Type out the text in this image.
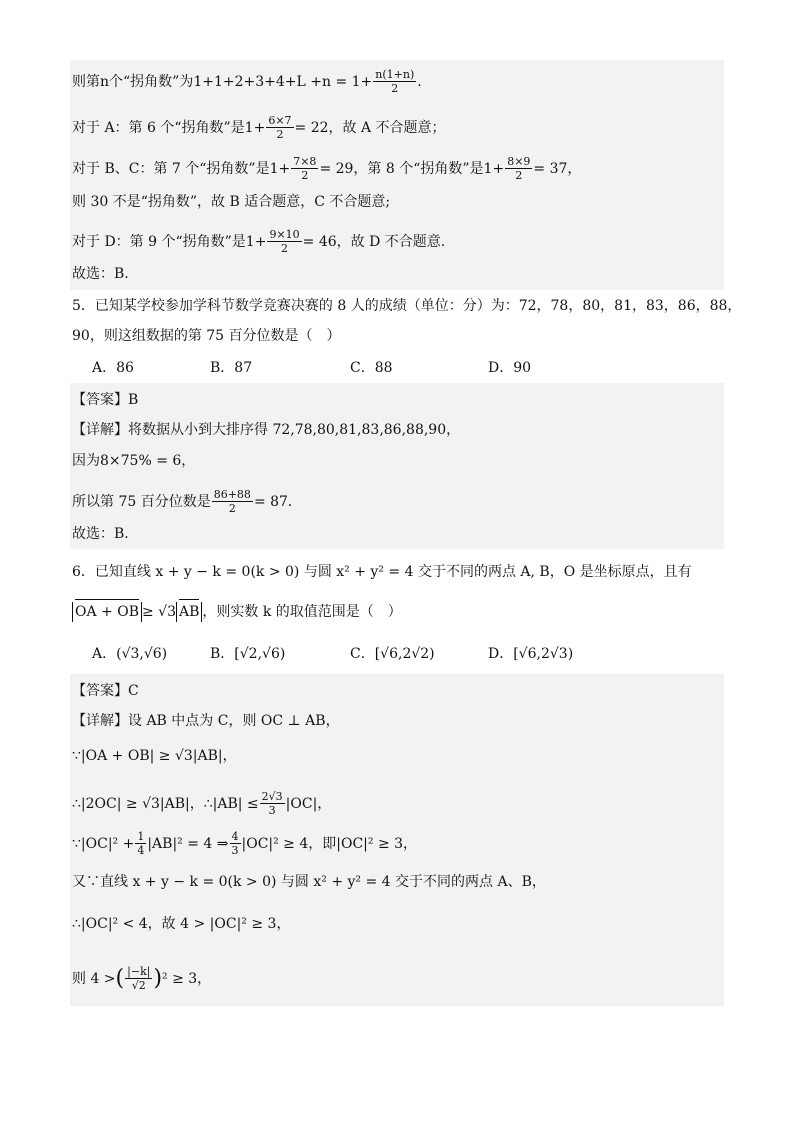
则第n个“拐角数”为$1+1+2+3+4+L +n = 1+ \frac{n(1+n)}{2}$ .
对于 A：第 6 个“拐角数”是$1+ \frac{6\times 7}{2} = 22$，故 A 不合题意；
对于 B、C：第 7 个“拐角数”是$1+ \frac{7\times 8}{2} = 29$，第 8 个“拐角数”是$1+ \frac{8\times 9}{2} = 37$，
则 30 不是“拐角数”，故 B 适合题意，C 不合题意;
对于 D：第 9 个“拐角数”是$1+ \frac{9\times 10}{2} = 46$，故 D 不合题意.
故选：B.
5．已知某学校参加学科节数学竞赛决赛的 8 人的成绩（单位：分）为：72，78，80，81，83，86，88，
90，则这组数据的第 75 百分位数是（　）
A．86	B．87	C．88	D．90
【答案】B
【详解】将数据从小到大排序得 72,78,80,81,83,86,88,90，
因为8×75% = 6，
所以第 75 百分位数是 $\frac{86+88}{2} = 87$．
故选：B．
6．已知直线 x + y − k = 0(k > 0) 与圆 x² + y² = 4 交于不同的两点 A, B，O 是坐标原点，且有
OA + OB ≥ √3 AB ，则实数 k 的取值范围是（　）
A．(√3,√6)	B．[√2,√6)	C．[√6,2√2)	D．[√6,2√3)
【答案】C
【详解】设 AB 中点为 C，则 OC ⊥ AB，
∵|OA + OB| ≥ √3|AB|，
∴|2OC| ≥ √3|AB|，∴|AB| ≤ $\frac{2√3}{3} |OC|$，
∵|OC|² + $\frac{1}{4} |AB|^2 = 4$ ⇒ $\frac{4}{3} |OC|^2 \ge 4$，即|OC|² ≥ 3，
又∵直线 x + y − k = 0(k > 0) 与圆 x² + y² = 4 交于不同的两点 A、B，
∴|OC|² < 4，故 4 > |OC|² ≥ 3，
则 4 > ( $\frac{|-k|}{√2}$ ) ² ≥ 3，
